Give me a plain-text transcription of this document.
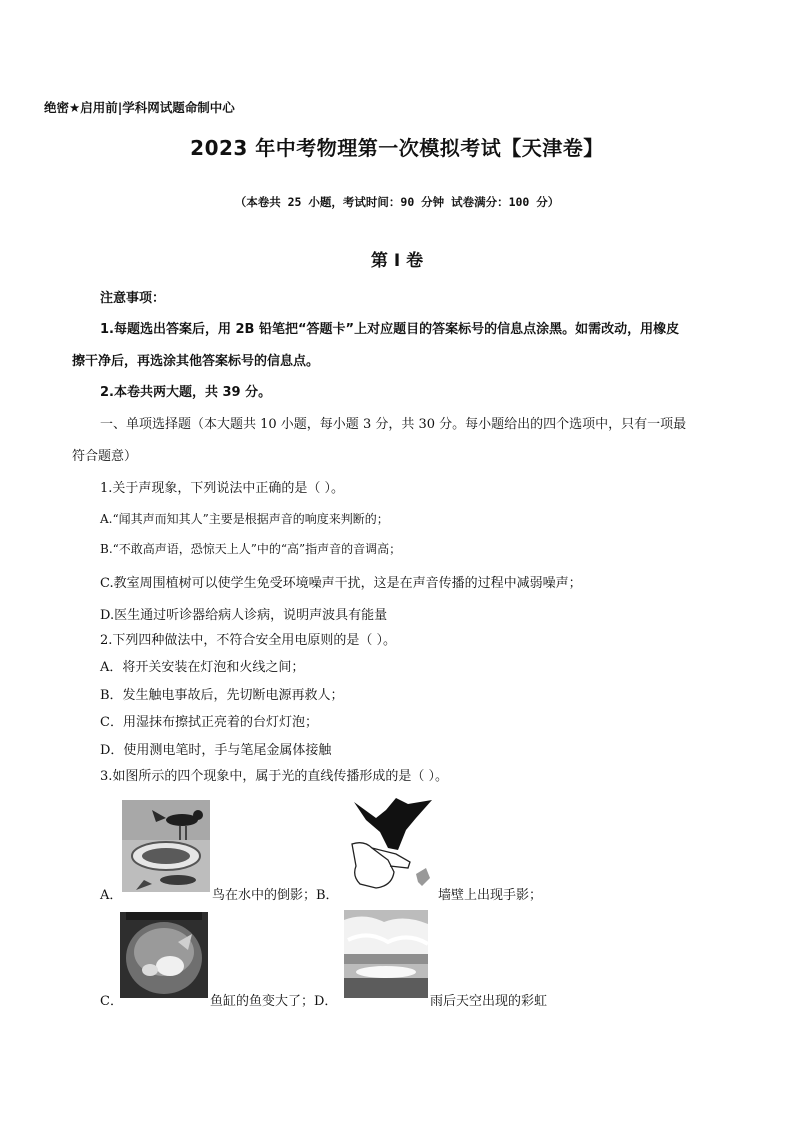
绝密★启用前|学科网试题命制中心
2023 年中考物理第一次模拟考试【天津卷】
（本卷共 25 小题，考试时间：90 分钟 试卷满分：100 分）
第 I 卷
注意事项：
1.每题选出答案后，用 2B 铅笔把“答题卡”上对应题目的答案标号的信息点涂黑。如需改动，用橡皮
擦干净后，再选涂其他答案标号的信息点。
2.本卷共两大题，共 39 分。
一、单项选择题（本大题共 10 小题，每小题 3 分，共 30 分。每小题给出的四个选项中，只有一项最
符合题意）
1.关于声现象，下列说法中正确的是（ ）。
A.“闻其声而知其人”主要是根据声音的响度来判断的；
B.“不敢高声语，恐惊天上人”中的“高”指声音的音调高；
C.教室周围植树可以使学生免受环境噪声干扰，这是在声音传播的过程中减弱噪声；
D.医生通过听诊器给病人诊病，说明声波具有能量
2.下列四种做法中，不符合安全用电原则的是（ ）。
A．将开关安装在灯泡和火线之间；
B．发生触电事故后，先切断电源再救人；
C．用湿抹布擦拭正亮着的台灯灯泡；
D．使用测电笔时，手与笔尾金属体接触
3.如图所示的四个现象中，属于光的直线传播形成的是（ ）。
A．	鸟在水中的倒影；B．	墙壁上出现手影；
C．	鱼缸的鱼变大了；D．	雨后天空出现的彩虹
